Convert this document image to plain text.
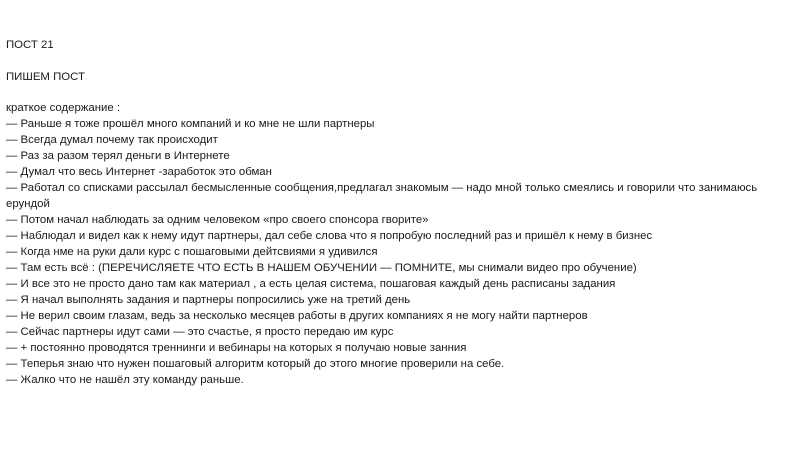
ПОСТ 21

ПИШЕМ ПОСТ

краткое содержание :

— Раньше я тоже прошёл много компаний и ко мне не шли партнеры
— Всегда думал почему так происходит
— Раз за разом терял деньги в Интернете
— Думал что весь Интернет -заработок это обман
— Работал со списками рассылал бесмысленные сообщения,предлагал знакомым — надо мной только смеялись и говорили что занимаюсь ерундой
— Потом начал наблюдать за одним человеком «про своего спонсора гворите»
— Наблюдал и видел как к нему идут партнеры, дал себе слова что я попробую последний раз и пришёл к нему в бизнес
— Когда нме на руки дали курс с пошаговыми дейтсвиями я удивился
— Там есть всё : (ПЕРЕЧИСЛЯЕТЕ ЧТО ЕСТЬ В НАШЕМ ОБУЧЕНИИ — ПОМНИТЕ, мы снимали видео про обучение)
— И все это не просто дано там как материал , а есть целая система, пошаговая каждый день расписаны задания
— Я начал выполнять задания и партнеры попросились уже на третий день
— Не верил своим глазам, ведь за несколько месяцев работы в других компаниях я не могу найти партнеров
— Сейчас партнеры идут сами — это счастье, я просто передаю им курс
— + постоянно проводятся треннинги и вебинары на которых я получаю новые занния
— Теперья знаю что нужен пошаговый алгоритм который до этого многие проверили на себе.
— Жалко что не нашёл эту команду раньше.
